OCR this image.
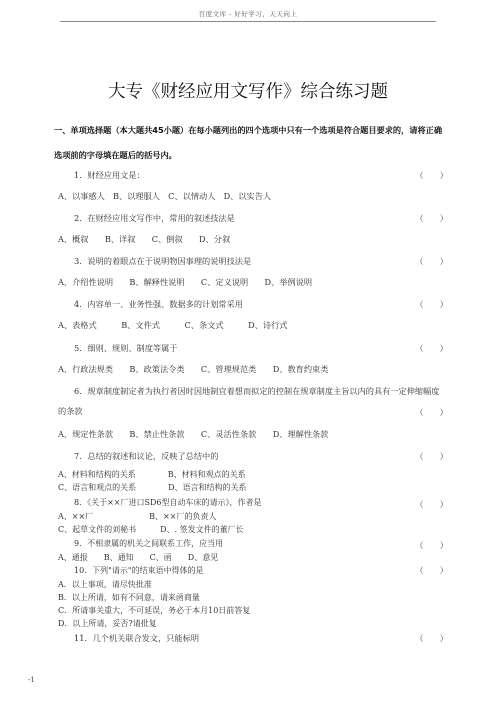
百度文库 - 好好学习，天天向上
大专《财经应用文写作》综合练习题
一、单项选择题（本大题共45小题）在每小题列出的四个选项中只有一个选项是符合题目要求的，请将正确选项前的字母填在题后的括号内。
1．财经应用文是：	（　　）
A、以事感人　B、以理服人　C、以情动人　D、以实告人
2．在财经应用文写作中，常用的叙述技法是	（　　）
A、概叙　　B、详叙　　C、倒叙　　D、分叙
3．说明的着眼点在于说明物因事理的说明技法是	（　　）
A、介绍性说明　　B、解释性说明　　C、定义说明　　D、举例说明
4．内容单一、业务性强、数据多的计划常采用	（　　）
A、表格式　　　B、文件式　　　C、条文式　　　D、诗行式
5．细则、规则、制度等属于	（　　）
A、行政法规类　　B、政策法令类　　C、管理规范类　　D、教育约束类
6．规章制度制定者为执行者因时因地制宜着想而拟定的控制在规章制度主旨以内的具有一定伸缩幅度的条款	（　　）
A、规定性条款　　B、禁止性条款　　C、灵活性条款　　D、理解性条款
7．总结的叙述和议论，反映了总结中的	（　　）
A、材料和结构的关系　　　　B、材料和观点的关系
C、语言和观点的关系　　　　D、语言和结构的关系
8．《关于××厂进口SD6型自动车床的请示》，作者是	（　　）
A、××厂　　　　　　　B、××厂的负责人
C、起草文件的刘秘书　　　D、. 签发文件的董厂长
9．不相隶属的机关之间联系工作，应当用	（　　）
A、通报　　B、通知　　C、函　　D、意见
10．下列"请示"的结束语中得体的是	（　　）
A．以上事项，请尽快批准
B．以上所请，如有不同意，请来函商量
C．所请事关重大，不可延误，务必于本月10日前答复
D．以上所请，妥否?请批复
11．几个机关联合发文，只能标明	（　　）
-1
